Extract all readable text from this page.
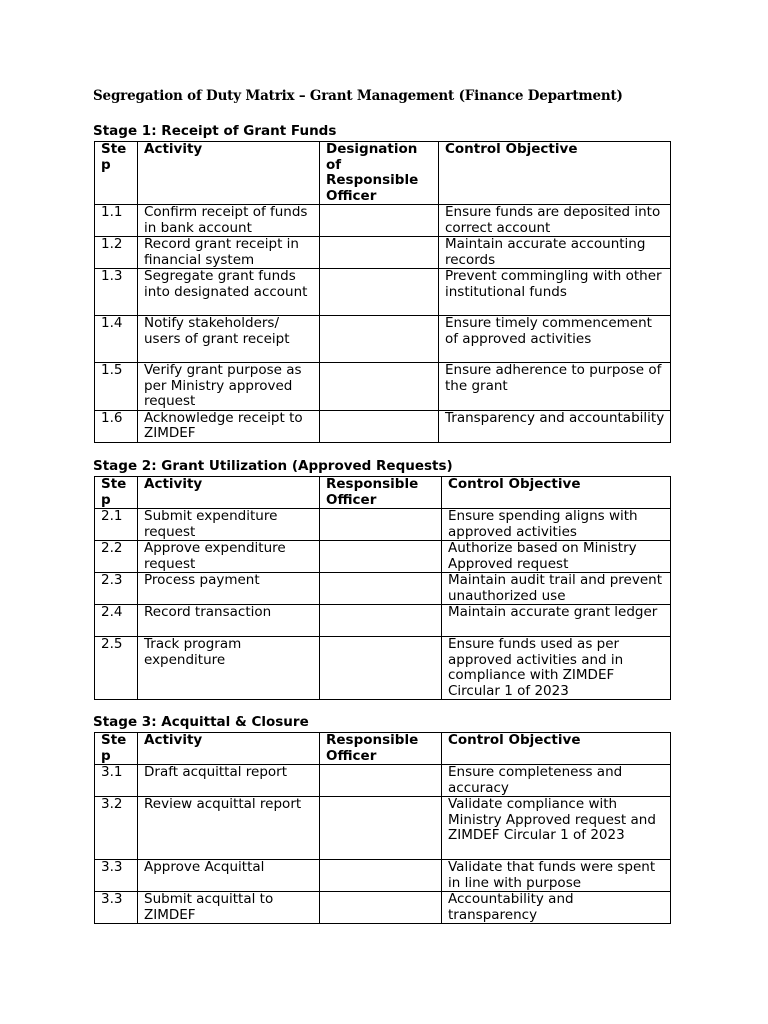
Segregation of Duty Matrix – Grant Management (Finance Department)
Stage 1: Receipt of Grant Funds
Ste p	Activity	Designation of Responsible Officer	Control Objective
1.1	Confirm receipt of funds in bank account		Ensure funds are deposited into correct account
1.2	Record grant receipt in financial system		Maintain accurate accounting records
1.3	Segregate grant funds into designated account		Prevent commingling with other institutional funds
1.4	Notify stakeholders/ users of grant receipt		Ensure timely commencement of approved activities
1.5	Verify grant purpose as per Ministry approved request		Ensure adherence to purpose of the grant
1.6	Acknowledge receipt to ZIMDEF		Transparency and accountability
Stage 2: Grant Utilization (Approved Requests)
Ste p	Activity	Responsible Officer	Control Objective
2.1	Submit expenditure request		Ensure spending aligns with approved activities
2.2	Approve expenditure request		Authorize based on Ministry Approved request
2.3	Process payment		Maintain audit trail and prevent unauthorized use
2.4	Record transaction		Maintain accurate grant ledger
2.5	Track program expenditure		Ensure funds used as per approved activities and in compliance with ZIMDEF Circular 1 of 2023
Stage 3: Acquittal & Closure
Ste p	Activity	Responsible Officer	Control Objective
3.1	Draft acquittal report		Ensure completeness and accuracy
3.2	Review acquittal report		Validate compliance with Ministry Approved request and ZIMDEF Circular 1 of 2023
3.3	Approve Acquittal		Validate that funds were spent in line with purpose
3.3	Submit acquittal to ZIMDEF		Accountability and transparency
